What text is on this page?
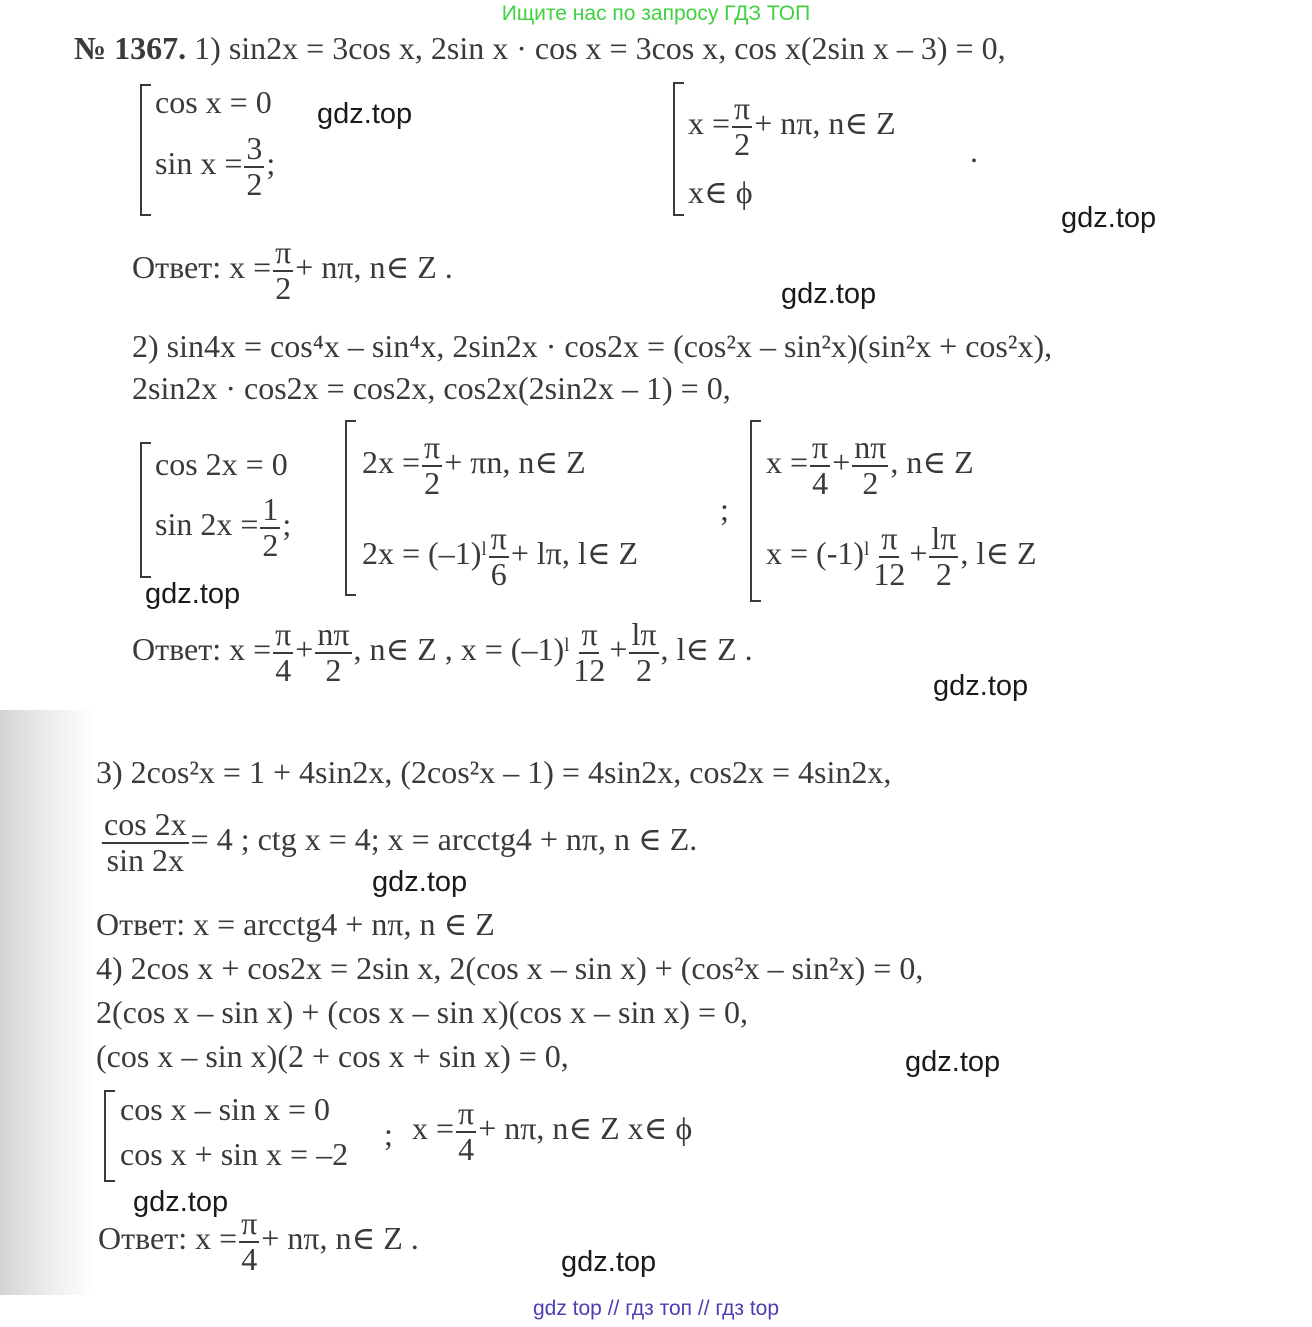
Ищите нас по запросу ГДЗ ТОП
№ 1367. 1) sin2x = 3cos x, 2sin x · cos x = 3cos x, cos x(2sin x – 3) = 0,
cos x = 0
$\sin x = \frac{3}{2}$ ;
$x = \frac{\pi}{2} + n\pi$, n∈ Z
.
x∈ ϕ
Ответ: $x = \frac{\pi}{2} + n\pi$, n∈ Z .
2) sin4x = cos⁴x – sin⁴x, 2sin2x · cos2x = (cos²x – sin²x)(sin²x + cos²x),
2sin2x · cos2x = cos2x, cos2x(2sin2x – 1) = 0,
cos 2x = 0
$\sin 2x = \frac{1}{2}$ ;
$2x = \frac{\pi}{2} + \pi n$, n∈ Z
2x = (–1)ˡ $\frac{\pi}{6} + l\pi$, l∈ Z
;
$x = \frac{\pi}{4} + \frac{n\pi}{2}$ , n∈ Z
x = (-1)ˡ $\frac{\pi}{12} + \frac{l\pi}{2}$ , l∈ Z
Ответ: $x = \frac{\pi}{4} + \frac{n\pi}{2}$ , n∈ Z , x = (–1)ˡ $\frac{\pi}{12} + \frac{l\pi}{2}$ , l∈ Z .
3) 2cos²x = 1 + 4sin2x, (2cos²x – 1) = 4sin2x, cos2x = 4sin2x,
$\frac{\cos 2x}{\sin 2x} = 4$ ; ctg x = 4; x = arcctg4 + nπ, n ∈ Z.
Ответ: x = arcctg4 + nπ, n ∈ Z
4) 2cos x + cos2x = 2sin x, 2(cos x – sin x) + (cos²x – sin²x) = 0,
2(cos x – sin x) + (cos x – sin x)(cos x – sin x) = 0,
(cos x – sin x)(2 + cos x + sin x) = 0,
cos x – sin x = 0
cos x + sin x = –2
; $x = \frac{\pi}{4} + n\pi$, n∈ Z x∈ ϕ
Ответ: $x = \frac{\pi}{4} + n\pi$, n∈ Z .
gdz.top
gdz.top
gdz.top
gdz.top
gdz.top
gdz.top
gdz.top
gdz.top
gdz.top
gdz top // гдз топ // гдз top
